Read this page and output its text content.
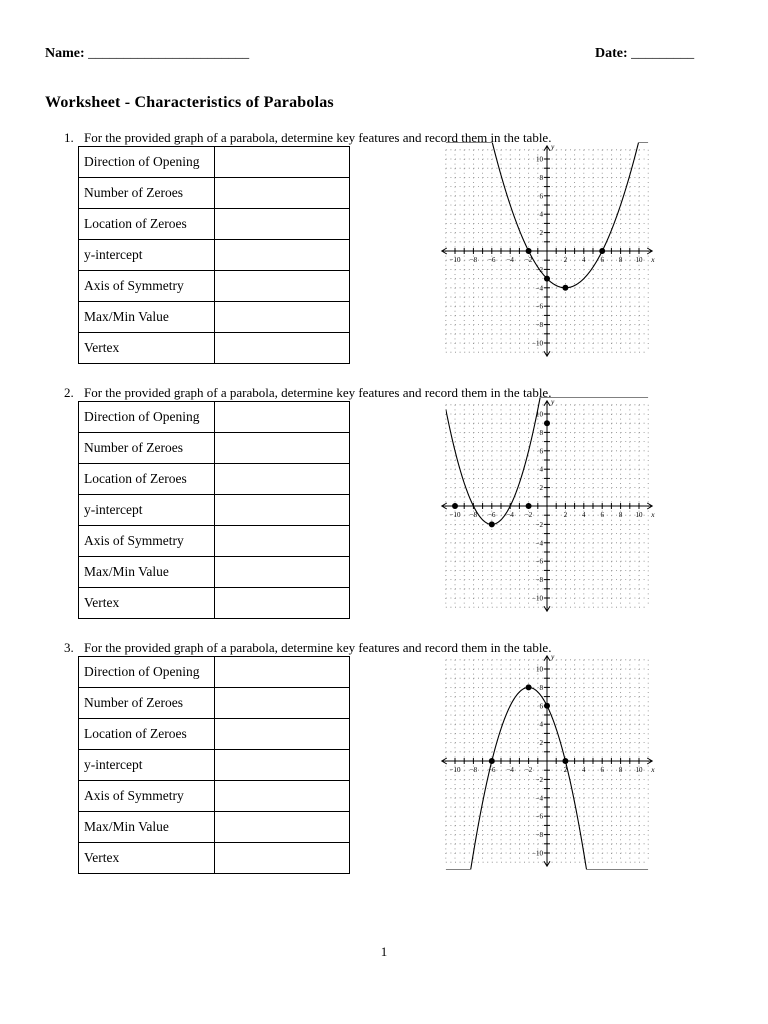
Name: _______________________	Date: _________
Worksheet - Characteristics of Parabolas
1. For the provided graph of a parabola, determine key features and record them in the table.
Direction of Opening	
Number of Zeroes	
Location of Zeroes	
y-intercept	
Axis of Symmetry	
Max/Min Value	
Vertex	
−10 −8 −6 −4 −2	2 4 6 8 10
10
8
6
4
2
−2
−4
−6
−8
−10
x
y
2. For the provided graph of a parabola, determine key features and record them in the table.
Direction of Opening	
Number of Zeroes	
Location of Zeroes	
y-intercept	
Axis of Symmetry	
Max/Min Value	
Vertex	
−10 −8 −6 −4 −2	2 4 6 8 10
10
8
6
4
2
−2
−4
−6
−8
−10
x
y
3. For the provided graph of a parabola, determine key features and record them in the table.
Direction of Opening	
Number of Zeroes	
Location of Zeroes	
y-intercept	
Axis of Symmetry	
Max/Min Value	
Vertex	
−10 −8 −6 −4 −2	2 4 6 8 10
10
8
6
4
2
−2
−4
−6
−8
−10
x
y
1
